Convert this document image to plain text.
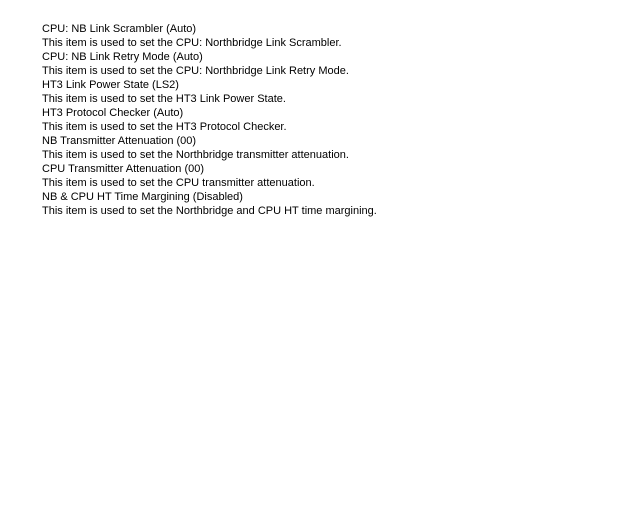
CPU: NB Link Scrambler (Auto)
This item is used to set the CPU: Northbridge Link Scrambler.
CPU: NB Link Retry Mode (Auto)
This item is used to set the CPU: Northbridge Link Retry Mode.
HT3 Link Power State (LS2)
This item is used to set the HT3 Link Power State.
HT3 Protocol Checker (Auto)
This item is used to set the HT3 Protocol Checker.
NB Transmitter Attenuation (00)
This item is used to set the Northbridge transmitter attenuation.
CPU Transmitter Attenuation (00)
This item is used to set the CPU transmitter attenuation.
NB & CPU HT Time Margining (Disabled)
This item is used to set the Northbridge and CPU HT time margining.
